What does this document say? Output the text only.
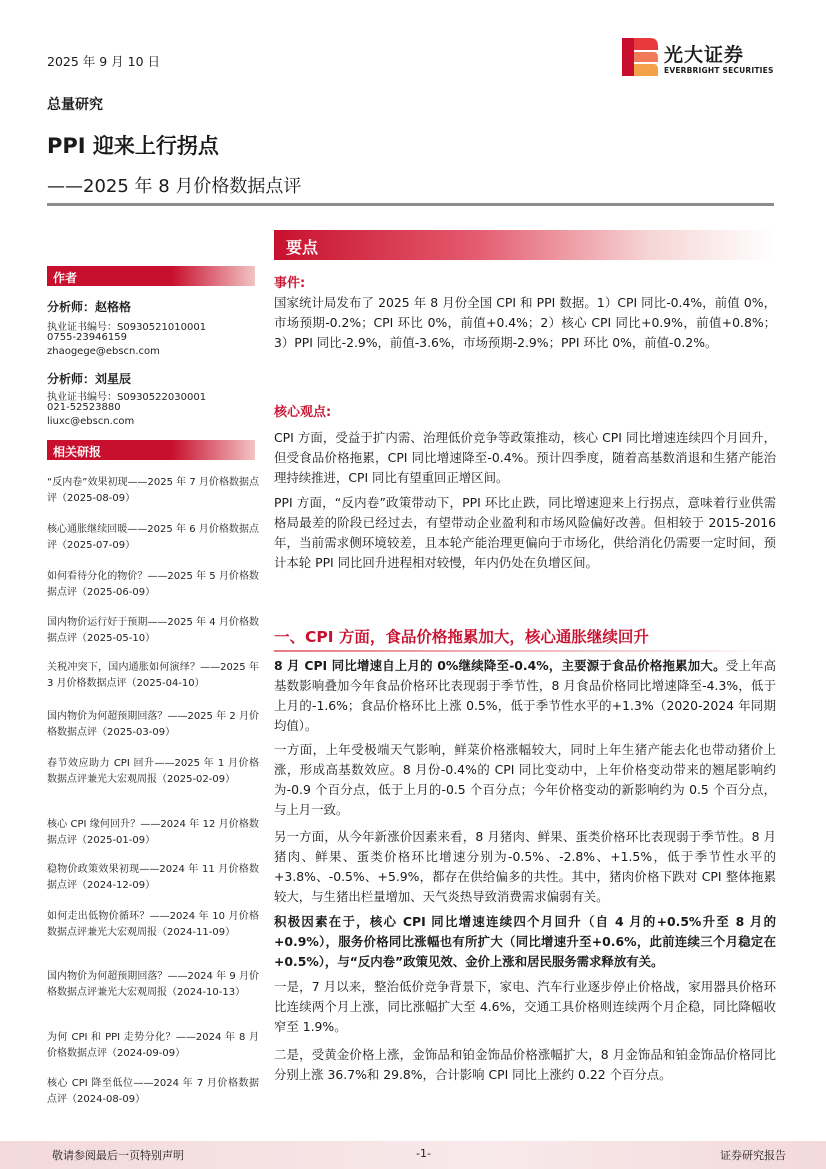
2025 年 9 月 10 日	光大证券
EVERBRIGHT SECURITIES
总量研究
PPI 迎来上行拐点
——2025 年 8 月价格数据点评
作者
分析师：赵格格
执业证书编号：S0930521010001
0755-23946159
zhaogege@ebscn.com
分析师：刘星辰
执业证书编号：S0930522030001
021-52523880
liuxc@ebscn.com
相关研报
“反内卷”效果初现——2025 年 7 月价格数据点评（2025-08-09）
核心通胀继续回暖——2025 年 6 月价格数据点评（2025-07-09）
如何看待分化的物价？——2025 年 5 月价格数据点评（2025-06-09）
国内物价运行好于预期——2025 年 4 月价格数据点评（2025-05-10）
关税冲突下，国内通胀如何演绎？——2025 年 3 月价格数据点评（2025-04-10）
国内物价为何超预期回落？——2025 年 2 月价格数据点评（2025-03-09）
春节效应助力 CPI 回升——2025 年 1 月价格数据点评兼光大宏观周报（2025-02-09）
核心 CPI 缘何回升？——2024 年 12 月价格数据点评（2025-01-09）
稳物价政策效果初现——2024 年 11 月价格数据点评（2024-12-09）
如何走出低物价循环？——2024 年 10 月价格数据点评兼光大宏观周报（2024-11-09）
国内物价为何超预期回落？——2024 年 9 月价格数据点评兼光大宏观周报（2024-10-13）
为何 CPI 和 PPI 走势分化？——2024 年 8 月价格数据点评（2024-09-09）
核心 CPI 降至低位——2024 年 7 月价格数据点评（2024-08-09）
要点
事件:
国家统计局发布了 2025 年 8 月份全国 CPI 和 PPI 数据。1）CPI 同比-0.4%，前值 0%，市场预期-0.2%；CPI 环比 0%，前值+0.4%；2）核心 CPI 同比+0.9%，前值+0.8%；3）PPI 同比-2.9%，前值-3.6%，市场预期-2.9%；PPI 环比 0%，前值-0.2%。
核心观点:
CPI 方面，受益于扩内需、治理低价竞争等政策推动，核心 CPI 同比增速连续四个月回升，但受食品价格拖累，CPI 同比增速降至-0.4%。预计四季度，随着高基数消退和生猪产能治理持续推进，CPI 同比有望重回正增区间。
PPI 方面，“反内卷”政策带动下，PPI 环比止跌，同比增速迎来上行拐点，意味着行业供需格局最差的阶段已经过去，有望带动企业盈利和市场风险偏好改善。但相较于 2015-2016 年，当前需求侧环境较差，且本轮产能治理更偏向于市场化，供给消化仍需要一定时间，预计本轮 PPI 同比回升进程相对较慢，年内仍处在负增区间。
一、CPI 方面，食品价格拖累加大，核心通胀继续回升
8 月 CPI 同比增速自上月的 0%继续降至-0.4%，主要源于食品价格拖累加大。受上年高基数影响叠加今年食品价格环比表现弱于季节性，8 月食品价格同比增速降至-4.3%，低于上月的-1.6%；食品价格环比上涨 0.5%，低于季节性水平的+1.3%（2020-2024 年同期均值）。
一方面，上年受极端天气影响，鲜菜价格涨幅较大，同时上年生猪产能去化也带动猪价上涨，形成高基数效应。8 月份-0.4%的 CPI 同比变动中，上年价格变动带来的翘尾影响约为-0.9 个百分点，低于上月的-0.5 个百分点；今年价格变动的新影响约为 0.5 个百分点，与上月一致。
另一方面，从今年新涨价因素来看，8 月猪肉、鲜果、蛋类价格环比表现弱于季节性。8 月猪肉、鲜果、蛋类价格环比增速分别为-0.5%、-2.8%、+1.5%，低于季节性水平的+3.8%、-0.5%、+5.9%，都存在供给偏多的共性。其中，猪肉价格下跌对 CPI 整体拖累较大，与生猪出栏量增加、天气炎热导致消费需求偏弱有关。
积极因素在于，核心 CPI 同比增速连续四个月回升（自 4 月的+0.5%升至 8 月的+0.9%），服务价格同比涨幅也有所扩大（同比增速升至+0.6%，此前连续三个月稳定在+0.5%），与“反内卷”政策见效、金价上涨和居民服务需求释放有关。
一是，7 月以来，整治低价竞争背景下，家电、汽车行业逐步停止价格战，家用器具价格环比连续两个月上涨，同比涨幅扩大至 4.6%，交通工具价格则连续两个月企稳，同比降幅收窄至 1.9%。
二是，受黄金价格上涨，金饰品和铂金饰品价格涨幅扩大，8 月金饰品和铂金饰品价格同比分别上涨 36.7%和 29.8%，合计影响 CPI 同比上涨约 0.22 个百分点。
敬请参阅最后一页特别声明	-1-	证券研究报告
